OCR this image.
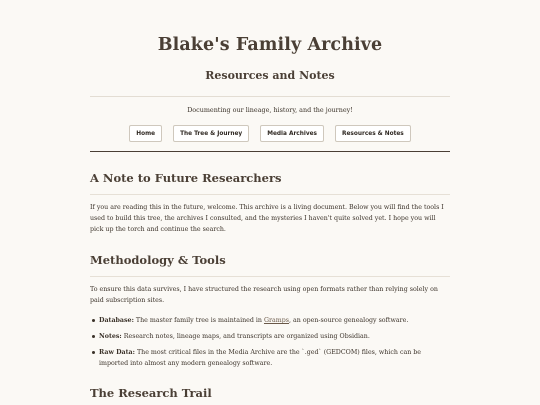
Blake's Family Archive
Resources and Notes

Documenting our lineage, history, and the journey!

Home	The Tree & Journey	Media Archives	Resources & Notes
A Note to Future Researchers

If you are reading this in the future, welcome. This archive is a living document. Below you will find the tools I used to build this tree, the archives I consulted, and the mysteries I haven't quite solved yet. I hope you will pick up the torch and continue the search.

Methodology & Tools

To ensure this data survives, I have structured the research using open formats rather than relying solely on paid subscription sites.

Database: The master family tree is maintained in Gramps, an open-source genealogy software.
Notes: Research notes, lineage maps, and transcripts are organized using Obsidian.
Raw Data: The most critical files in the Media Archive are the `.ged` (GEDCOM) files, which can be imported into almost any modern genealogy software.
The Research Trail
